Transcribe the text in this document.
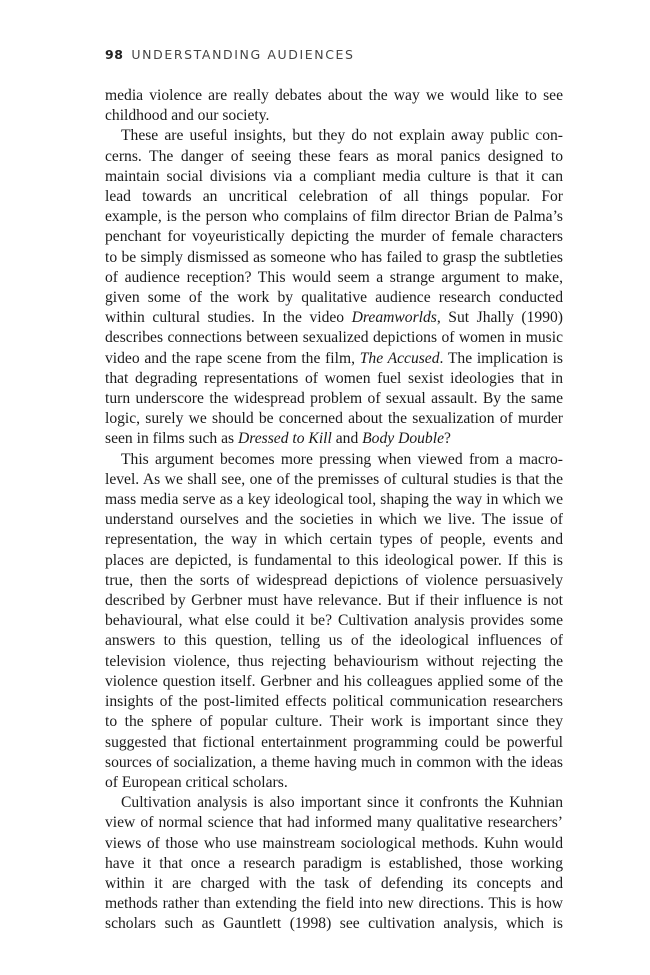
98 UNDERSTANDING AUDIENCES

media violence are really debates about the way we would like to see
childhood and our society.

These are useful insights, but they do not explain away public con-
cerns. The danger of seeing these fears as moral panics designed to
maintain social divisions via a compliant media culture is that it can
lead towards an uncritical celebration of all things popular. For
example, is the person who complains of film director Brian de Palma’s
penchant for voyeuristically depicting the murder of female characters
to be simply dismissed as someone who has failed to grasp the subtleties
of audience reception? This would seem a strange argument to make,
given some of the work by qualitative audience research conducted
within cultural studies. In the video Dreamworlds, Sut Jhally (1990)
describes connections between sexualized depictions of women in music
video and the rape scene from the film, The Accused. The implication is
that degrading representations of women fuel sexist ideologies that in
turn underscore the widespread problem of sexual assault. By the same
logic, surely we should be concerned about the sexualization of murder
seen in films such as Dressed to Kill and Body Double?

This argument becomes more pressing when viewed from a macro-
level. As we shall see, one of the premisses of cultural studies is that the
mass media serve as a key ideological tool, shaping the way in which we
understand ourselves and the societies in which we live. The issue of
representation, the way in which certain types of people, events and
places are depicted, is fundamental to this ideological power. If this is
true, then the sorts of widespread depictions of violence persuasively
described by Gerbner must have relevance. But if their influence is not
behavioural, what else could it be? Cultivation analysis provides some
answers to this question, telling us of the ideological influences of
television violence, thus rejecting behaviourism without rejecting the
violence question itself. Gerbner and his colleagues applied some of the
insights of the post-limited effects political communication researchers
to the sphere of popular culture. Their work is important since they
suggested that fictional entertainment programming could be powerful
sources of socialization, a theme having much in common with the ideas
of European critical scholars.

Cultivation analysis is also important since it confronts the Kuhnian
view of normal science that had informed many qualitative researchers’
views of those who use mainstream sociological methods. Kuhn would
have it that once a research paradigm is established, those working
within it are charged with the task of defending its concepts and
methods rather than extending the field into new directions. This is how
scholars such as Gauntlett (1998) see cultivation analysis, which is
